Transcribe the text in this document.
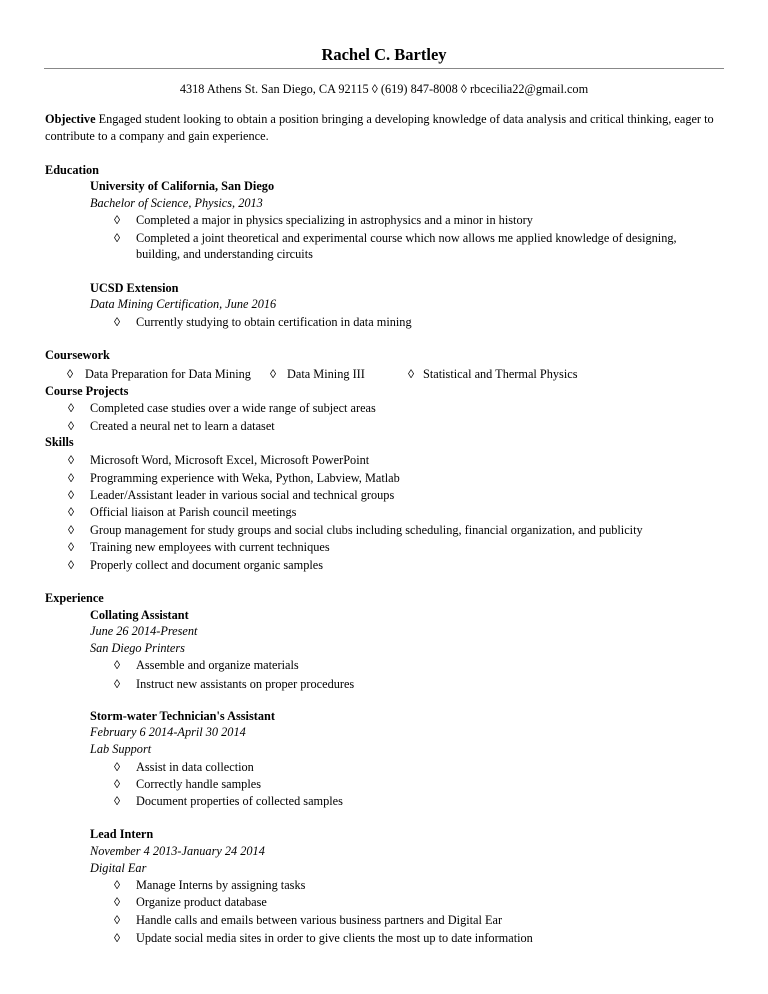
Rachel C. Bartley
4318 Athens St. San Diego, CA 92115 ◊ (619) 847-8008 ◊ rbcecilia22@gmail.com
Objective Engaged student looking to obtain a position bringing a developing knowledge of data analysis and critical thinking, eager to contribute to a company and gain experience.
Education
University of California, San Diego
Bachelor of Science, Physics, 2013
◊ Completed a major in physics specializing in astrophysics and a minor in history
◊ Completed a joint theoretical and experimental course which now allows me applied knowledge of designing,
building, and understanding circuits
UCSD Extension
Data Mining Certification, June 2016
◊ Currently studying to obtain certification in data mining
Coursework
◊ Data Preparation for Data Mining ◊ Data Mining III	◊ Statistical and Thermal Physics
Course Projects
◊ Completed case studies over a wide range of subject areas
◊ Created a neural net to learn a dataset
Skills
◊ Microsoft Word, Microsoft Excel, Microsoft PowerPoint
◊ Programming experience with Weka, Python, Labview, Matlab
◊ Leader/Assistant leader in various social and technical groups
◊ Official liaison at Parish council meetings
◊ Group management for study groups and social clubs including scheduling, financial organization, and publicity
◊ Training new employees with current techniques
◊ Properly collect and document organic samples
Experience
Collating Assistant
June 26 2014-Present
San Diego Printers
◊ Assemble and organize materials
◊ Instruct new assistants on proper procedures
Storm-water Technician's Assistant
February 6 2014-April 30 2014
Lab Support
◊ Assist in data collection
◊ Correctly handle samples
◊ Document properties of collected samples
Lead Intern
November 4 2013-January 24 2014
Digital Ear
◊ Manage Interns by assigning tasks
◊ Organize product database
◊ Handle calls and emails between various business partners and Digital Ear
◊ Update social media sites in order to give clients the most up to date information
